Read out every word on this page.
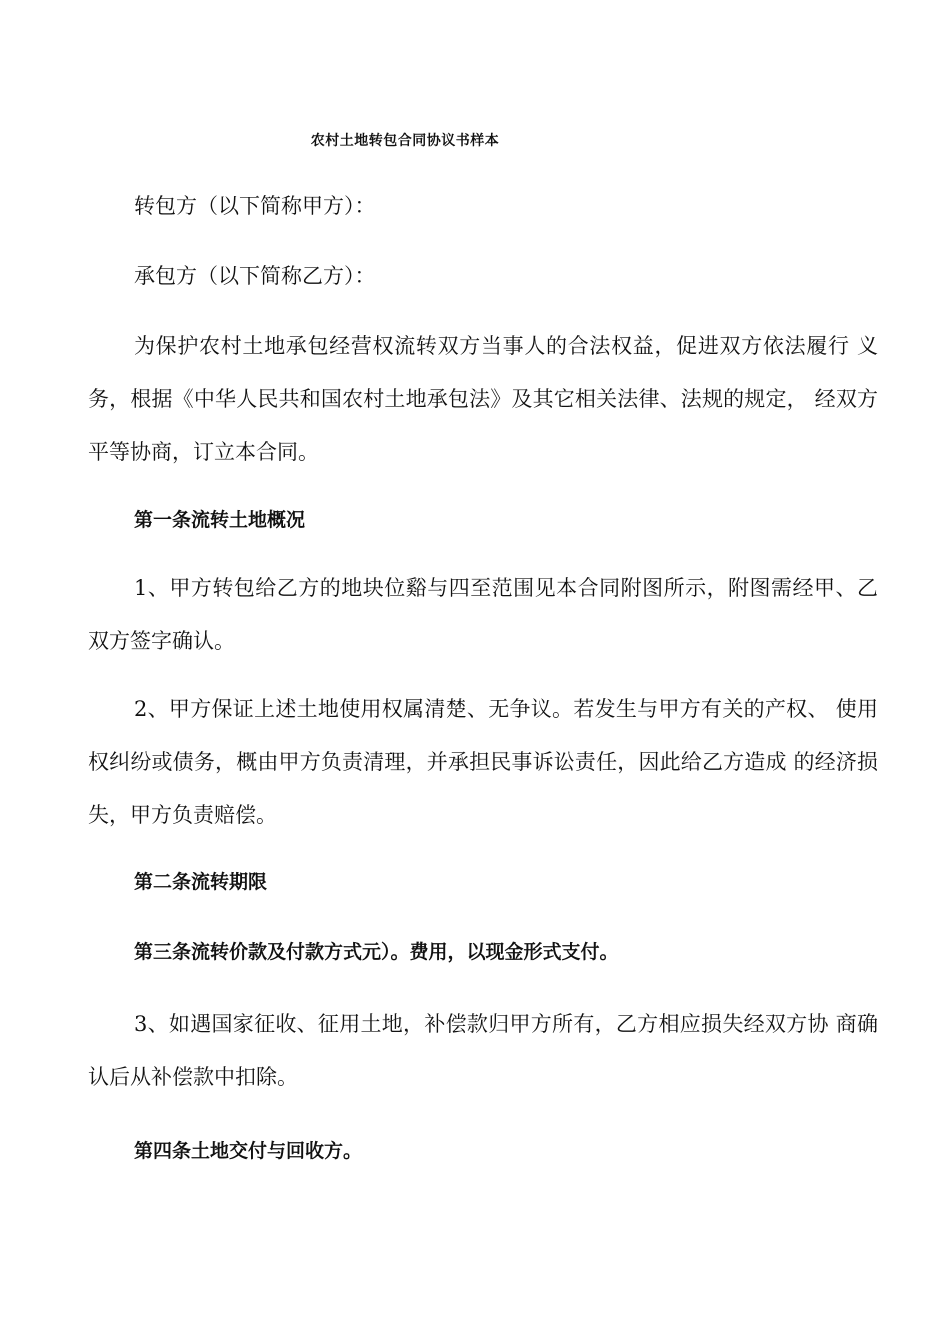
农村土地转包合同协议书样本

转包方（以下简称甲方）：

承包方（以下简称乙方）：

为保护农村土地承包经营权流转双方当事人的合法权益，促进双方依法履行 义务，根据《中华人民共和国农村土地承包法》及其它相关法律、法规的规定， 经双方平等协商，订立本合同。

第一条流转土地概况

1、甲方转包给乙方的地块位谿与四至范围见本合同附图所示，附图需经甲、乙双方签字确认。

2、甲方保证上述土地使用权属清楚、无争议。若发生与甲方有关的产权、 使用权纠纷或债务，概由甲方负责清理，并承担民事诉讼责任，因此给乙方造成 的经济损失，甲方负责赔偿。

第二条流转期限

第三条流转价款及付款方式元）。费用，以现金形式支付。

3、如遇国家征收、征用土地，补偿款归甲方所有，乙方相应损失经双方协 商确认后从补偿款中扣除。

第四条土地交付与回收方。
